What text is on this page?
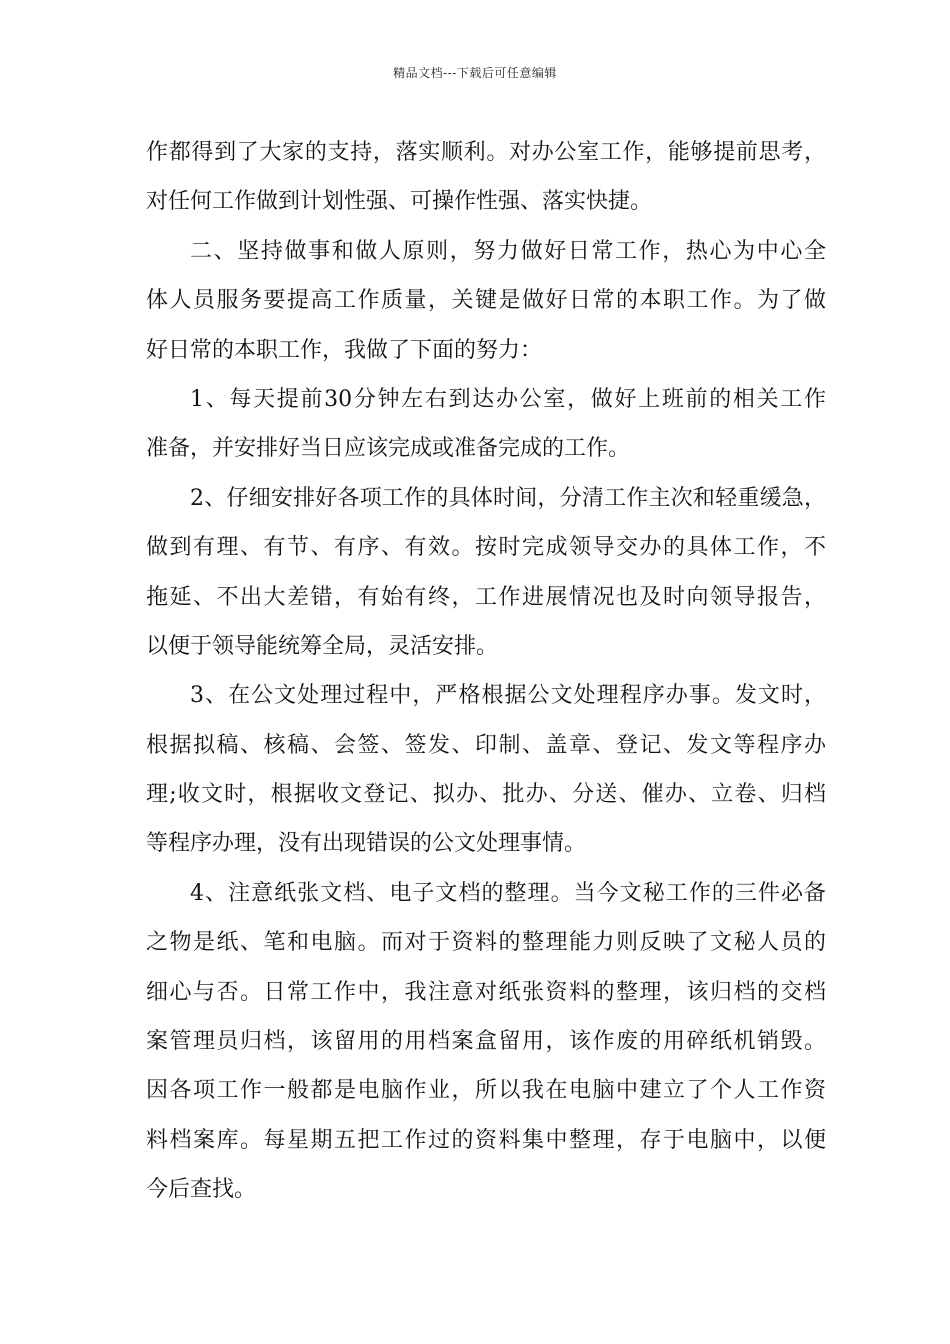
精品文档---下载后可任意编辑
作都得到了大家的支持，落实顺利。对办公室工作，能够提前思考，
对任何工作做到计划性强、可操作性强、落实快捷。
二、坚持做事和做人原则，努力做好日常工作，热心为中心全
体人员服务要提高工作质量，关键是做好日常的本职工作。为了做
好日常的本职工作，我做了下面的努力：
1、每天提前30分钟左右到达办公室，做好上班前的相关工作
准备，并安排好当日应该完成或准备完成的工作。
2、仔细安排好各项工作的具体时间，分清工作主次和轻重缓急，
做到有理、有节、有序、有效。按时完成领导交办的具体工作，不
拖延、不出大差错，有始有终，工作进展情况也及时向领导报告，
以便于领导能统筹全局，灵活安排。
3、在公文处理过程中，严格根据公文处理程序办事。发文时，
根据拟稿、核稿、会签、签发、印制、盖章、登记、发文等程序办
理;收文时，根据收文登记、拟办、批办、分送、催办、立卷、归档
等程序办理，没有出现错误的公文处理事情。
4、注意纸张文档、电子文档的整理。当今文秘工作的三件必备
之物是纸、笔和电脑。而对于资料的整理能力则反映了文秘人员的
细心与否。日常工作中，我注意对纸张资料的整理，该归档的交档
案管理员归档，该留用的用档案盒留用，该作废的用碎纸机销毁。
因各项工作一般都是电脑作业，所以我在电脑中建立了个人工作资
料档案库。每星期五把工作过的资料集中整理，存于电脑中，以便
今后查找。
